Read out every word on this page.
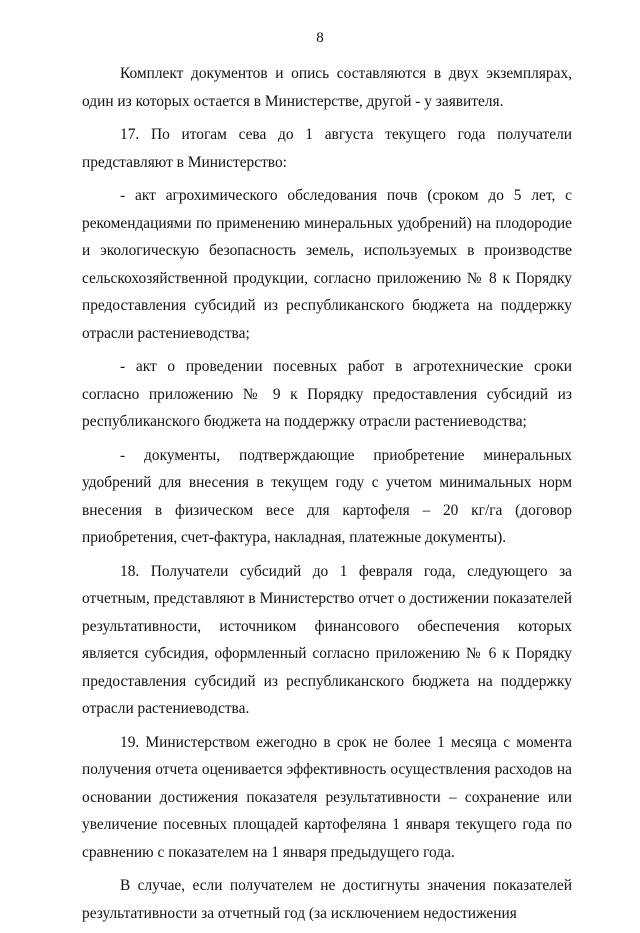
8

Комплект документов и опись составляются в двух экземплярах, один из которых остается в Министерстве, другой - у заявителя.

17. По итогам сева до 1 августа текущего года получатели представляют в Министерство:

- акт агрохимического обследования почв (сроком до 5 лет, с рекомендациями по применению минеральных удобрений) на плодородие и экологическую безопасность земель, используемых в производстве сельскохозяйственной продукции, согласно приложению № 8 к Порядку предоставления субсидий из республиканского бюджета на поддержку отрасли растениеводства;

- акт о проведении посевных работ в агротехнические сроки согласно приложению № 9 к Порядку предоставления субсидий из республиканского бюджета на поддержку отрасли растениеводства;

- документы, подтверждающие приобретение минеральных удобрений для внесения в текущем году с учетом минимальных норм внесения в физическом весе для картофеля – 20 кг/га (договор приобретения, счет-фактура, накладная, платежные документы).

18. Получатели субсидий до 1 февраля года, следующего за отчетным, представляют в Министерство отчет о достижении показателей результативности, источником финансового обеспечения которых является субсидия, оформленный согласно приложению № 6 к Порядку предоставления субсидий из республиканского бюджета на поддержку отрасли растениеводства.

19. Министерством ежегодно в срок не более 1 месяца с момента получения отчета оценивается эффективность осуществления расходов на основании достижения показателя результативности – сохранение или увеличение посевных площадей картофеляна 1 января текущего года по сравнению с показателем на 1 января предыдущего года.

В случае, если получателем не достигнуты значения показателей результативности за отчетный год (за исключением недостижения
